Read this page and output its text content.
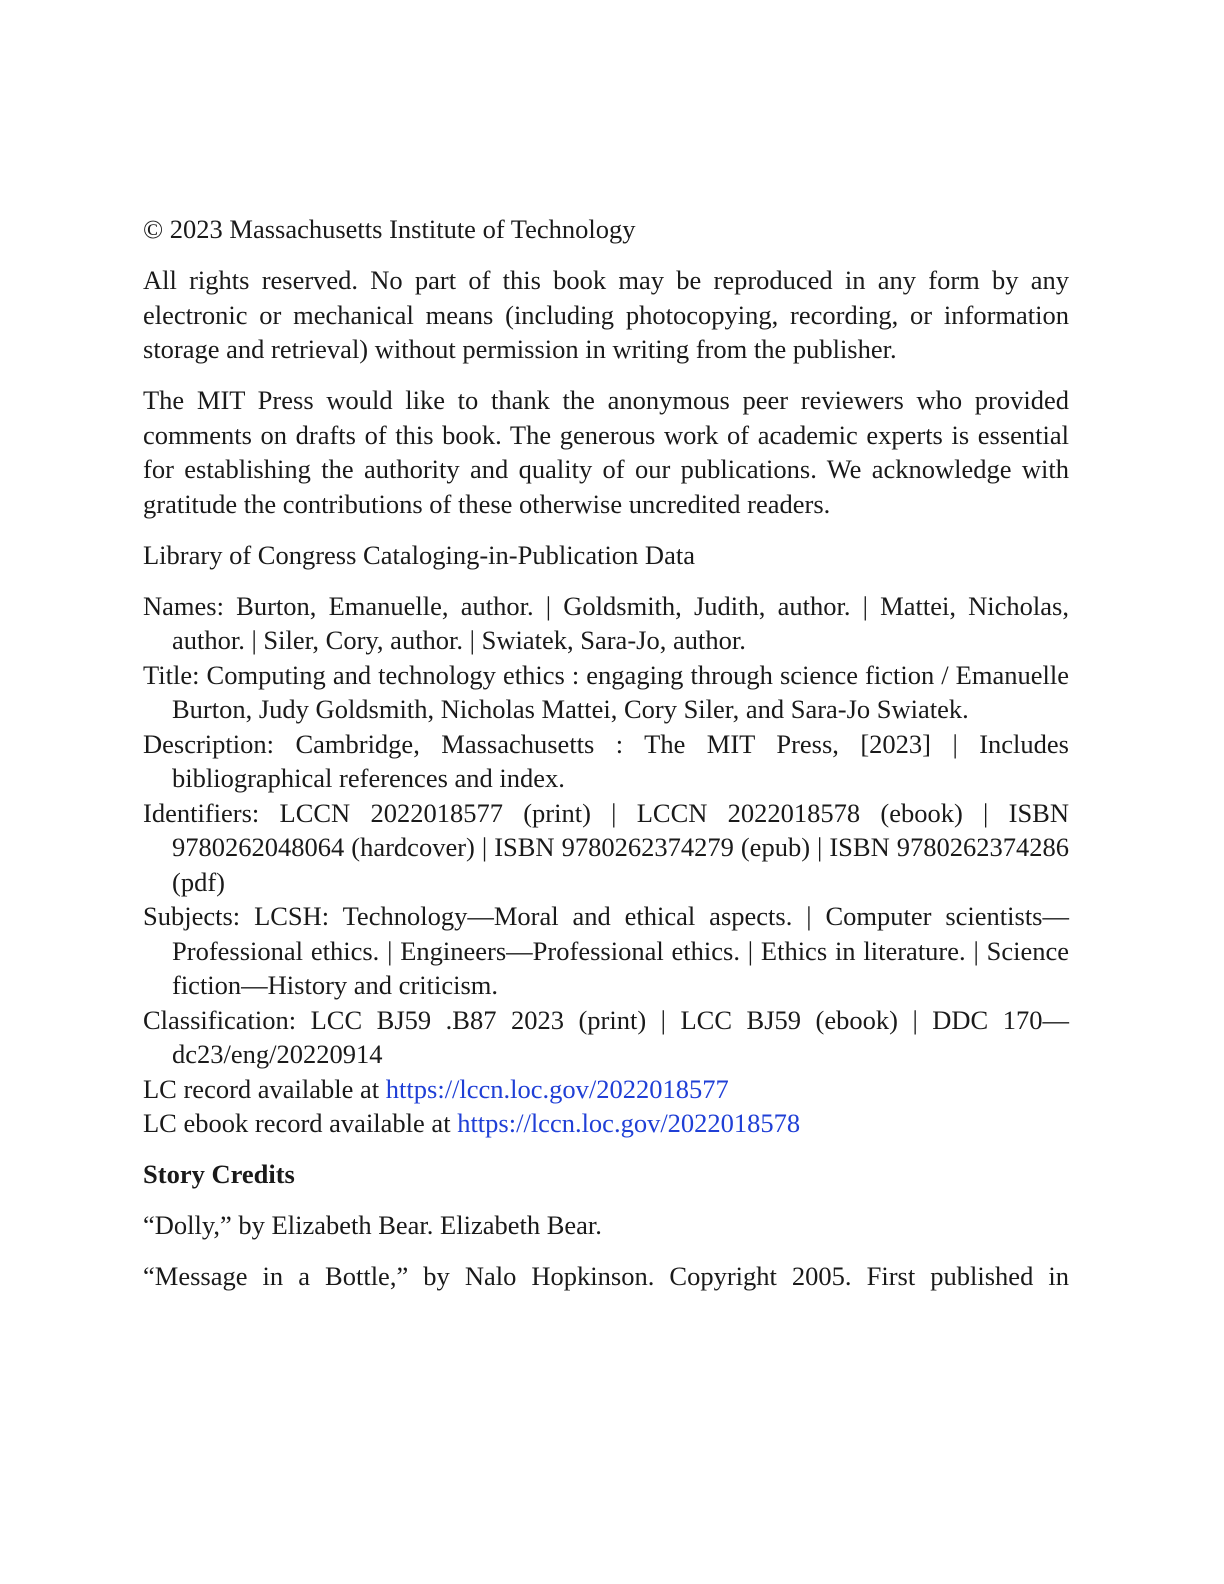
© 2023 Massachusetts Institute of Technology

All rights reserved. No part of this book may be reproduced in any form by any electronic or mechanical means (including photocopying, recording, or information storage and retrieval) without permission in writing from the publisher.

The MIT Press would like to thank the anonymous peer reviewers who provided comments on drafts of this book. The generous work of academic experts is essential for establishing the authority and quality of our publications. We acknowledge with gratitude the contributions of these otherwise uncredited readers.

Library of Congress Cataloging-in-Publication Data

Names: Burton, Emanuelle, author. | Goldsmith, Judith, author. | Mattei, Nicholas, author. | Siler, Cory, author. | Swiatek, Sara-Jo, author.

Title: Computing and technology ethics : engaging through science fiction / Emanuelle Burton, Judy Goldsmith, Nicholas Mattei, Cory Siler, and Sara-Jo Swiatek.

Description: Cambridge, Massachusetts : The MIT Press, [2023] | Includes bibliographical references and index.

Identifiers: LCCN 2022018577 (print) | LCCN 2022018578 (ebook) | ISBN 9780262048064 (hardcover) | ISBN 9780262374279 (epub) | ISBN 9780262374286 (pdf)

Subjects: LCSH: Technology—Moral and ethical aspects. | Computer scientists—Professional ethics. | Engineers—Professional ethics. | Ethics in literature. | Science fiction—History and criticism.

Classification: LCC BJ59 .B87 2023 (print) | LCC BJ59 (ebook) | DDC 170—dc23/eng/20220914

LC record available at https://lccn.loc.gov/2022018577

LC ebook record available at https://lccn.loc.gov/2022018578

Story Credits

“Dolly,” by Elizabeth Bear. Elizabeth Bear.

“Message in a Bottle,” by Nalo Hopkinson. Copyright 2005. First published in
